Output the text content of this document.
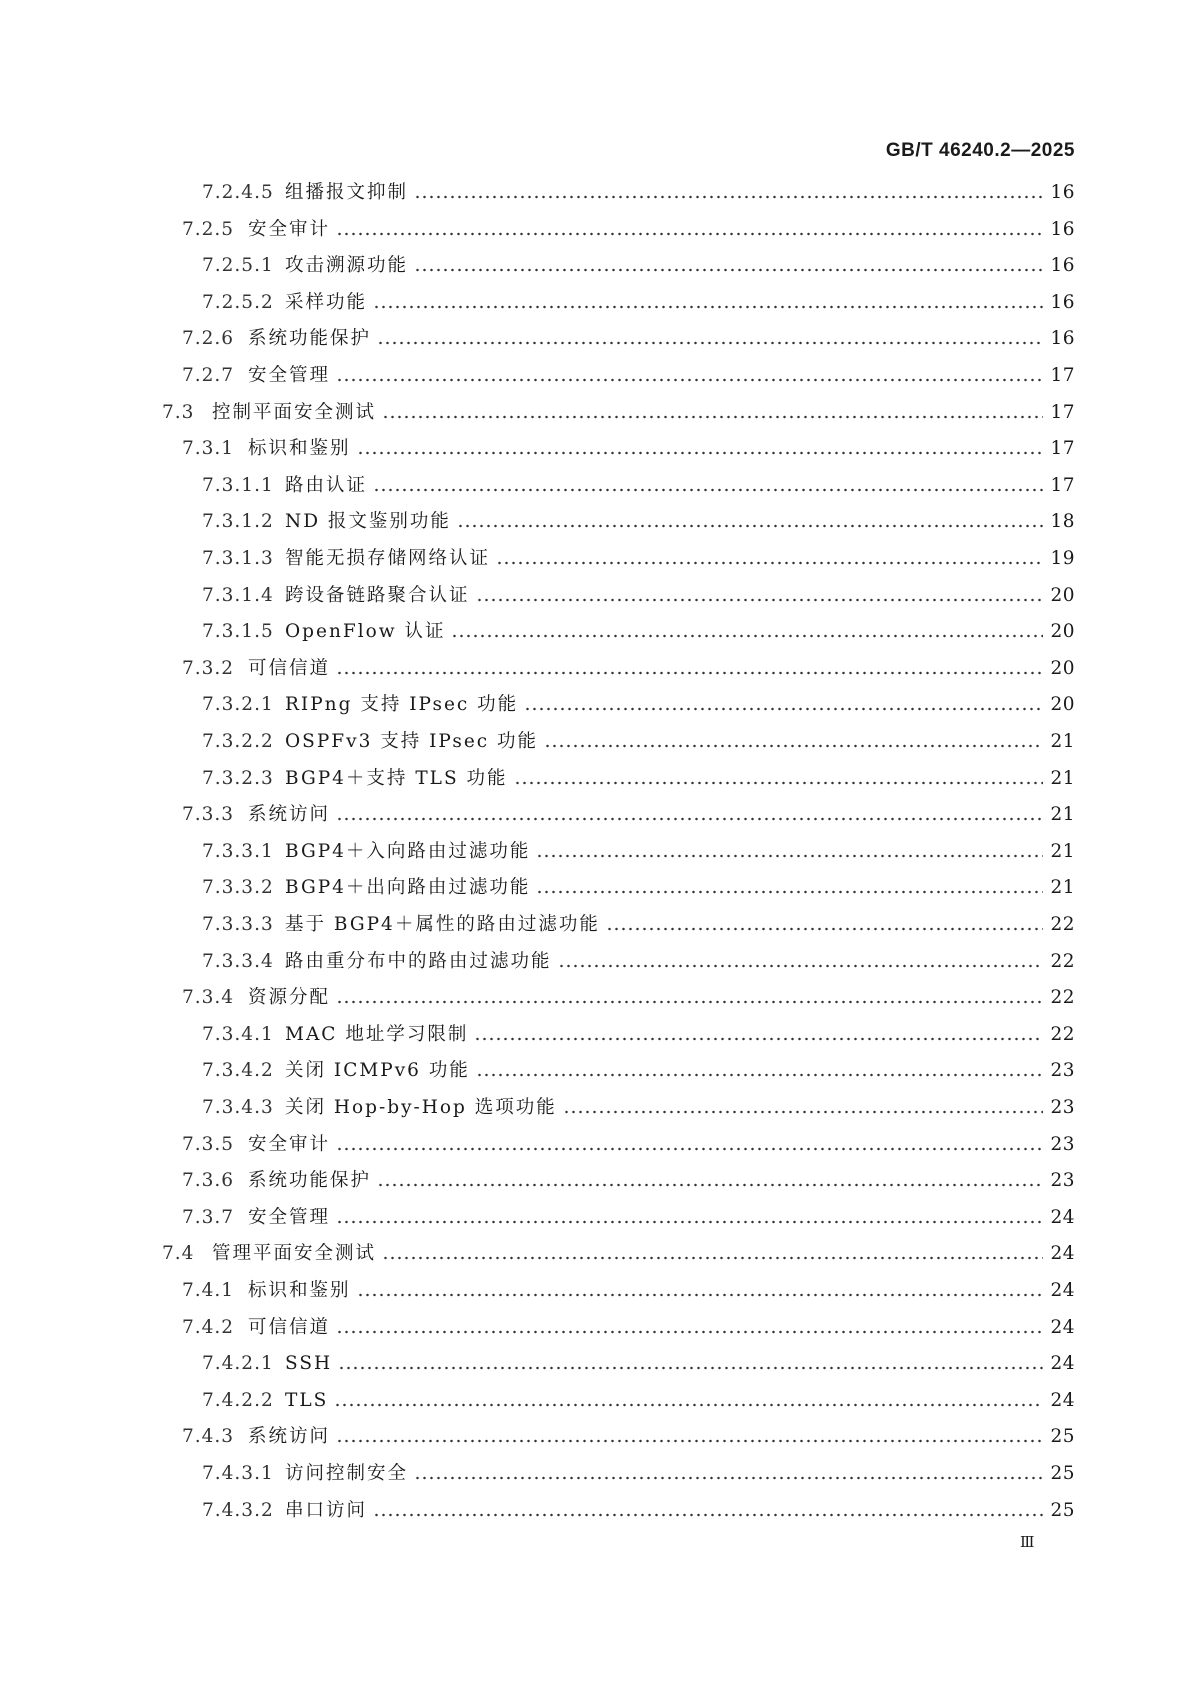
GB/T 46240.2—2025
7.2.4.5 组播报文抑制	16
7.2.5 安全审计	16
7.2.5.1 攻击溯源功能	16
7.2.5.2 采样功能	16
7.2.6 系统功能保护	16
7.2.7 安全管理	17
7.3 控制平面安全测试	17
7.3.1 标识和鉴别	17
7.3.1.1 路由认证	17
7.3.1.2 ND 报文鉴别功能	18
7.3.1.3 智能无损存储网络认证	19
7.3.1.4 跨设备链路聚合认证	20
7.3.1.5 OpenFlow 认证	20
7.3.2 可信信道	20
7.3.2.1 RIPng 支持 IPsec 功能	20
7.3.2.2 OSPFv3 支持 IPsec 功能	21
7.3.2.3 BGP4＋支持 TLS 功能	21
7.3.3 系统访问	21
7.3.3.1 BGP4＋入向路由过滤功能	21
7.3.3.2 BGP4＋出向路由过滤功能	21
7.3.3.3 基于 BGP4＋属性的路由过滤功能	22
7.3.3.4 路由重分布中的路由过滤功能	22
7.3.4 资源分配	22
7.3.4.1 MAC 地址学习限制	22
7.3.4.2 关闭 ICMPv6 功能	23
7.3.4.3 关闭 Hop-by-Hop 选项功能	23
7.3.5 安全审计	23
7.3.6 系统功能保护	23
7.3.7 安全管理	24
7.4 管理平面安全测试	24
7.4.1 标识和鉴别	24
7.4.2 可信信道	24
7.4.2.1 SSH	24
7.4.2.2 TLS	24
7.4.3 系统访问	25
7.4.3.1 访问控制安全	25
7.4.3.2 串口访问	25
Ⅲ
